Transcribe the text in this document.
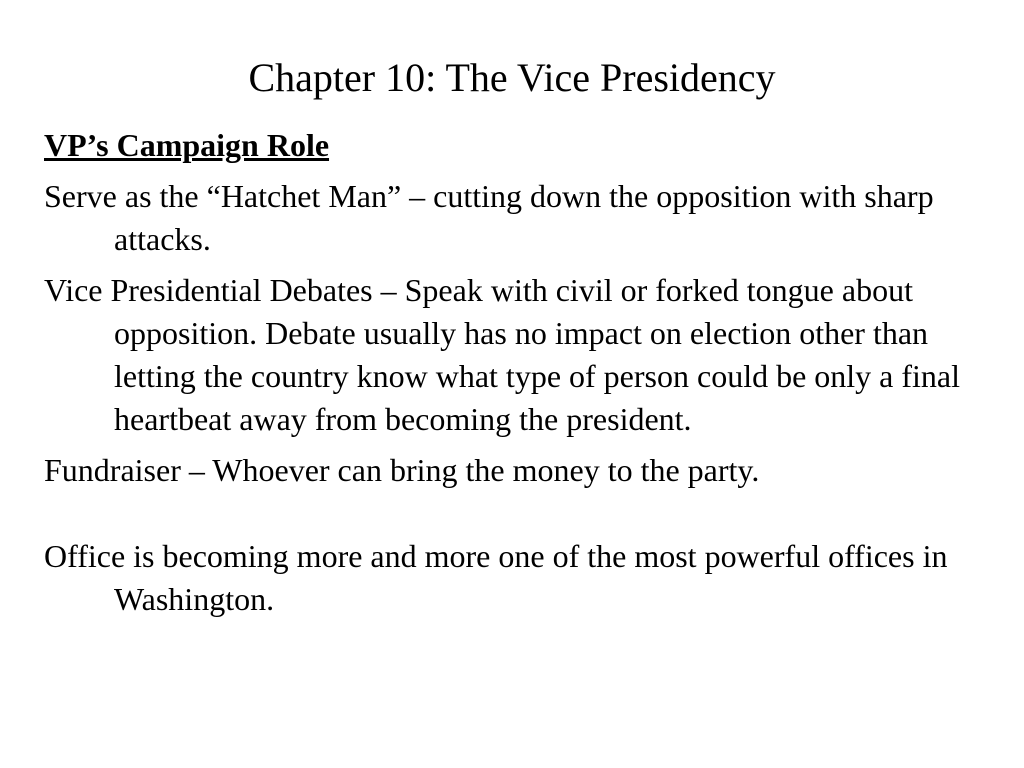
Chapter 10: The Vice Presidency
VP’s Campaign Role
Serve as the “Hatchet Man” – cutting down the opposition with sharp attacks.
Vice Presidential Debates – Speak with civil or forked tongue about opposition. Debate usually has no impact on election other than letting the country know what type of person could be only a final heartbeat away from becoming the president.
Fundraiser – Whoever can bring the money to the party.
Office is becoming more and more one of the most powerful offices in Washington.
